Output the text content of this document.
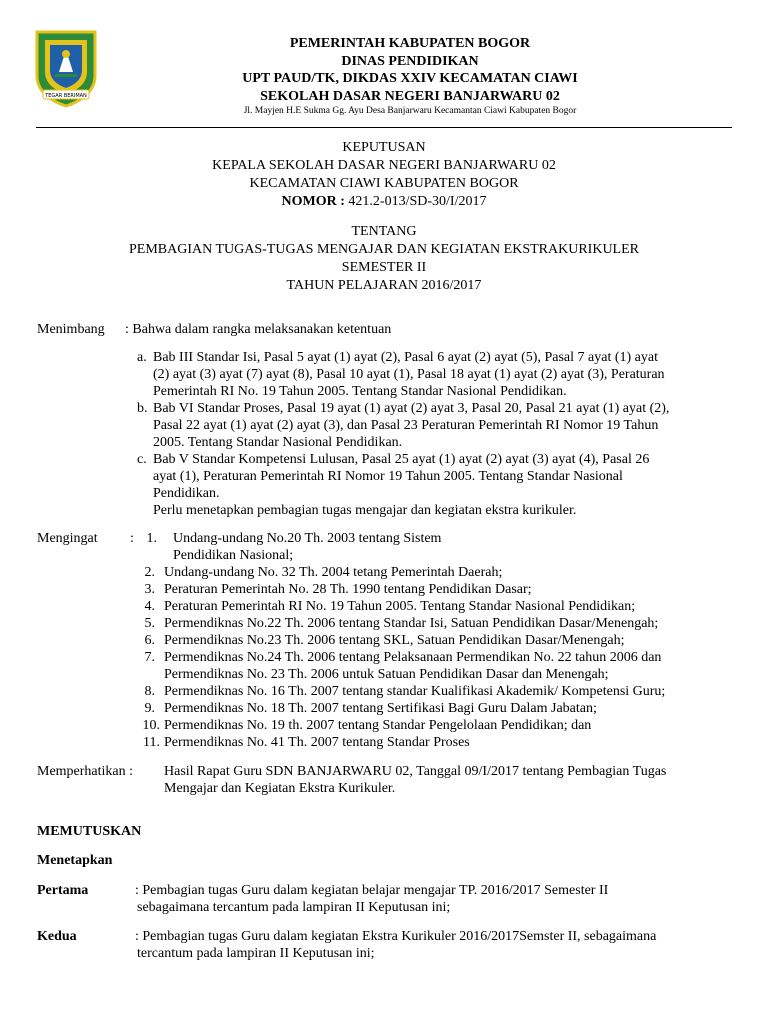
TEGAR BERIMAN
PEMERINTAH KABUPATEN BOGOR
DINAS PENDIDIKAN
UPT PAUD/TK, DIKDAS XXIV KECAMATAN CIAWI
SEKOLAH DASAR NEGERI BANJARWARU 02
Jl. Mayjen H.E Sukma Gg. Ayu Desa Banjarwaru Kecamantan Ciawi Kabupaten Bogor
KEPUTUSAN
KEPALA SEKOLAH DASAR NEGERI BANJARWARU 02
KECAMATAN CIAWI KABUPATEN BOGOR
NOMOR : 421.2-013/SD-30/I/2017
TENTANG
PEMBAGIAN TUGAS-TUGAS MENGAJAR DAN KEGIATAN EKSTRAKURIKULER
SEMESTER II
TAHUN PELAJARAN 2016/2017
Menimbang : Bahwa dalam rangka melaksanakan ketentuan
a. Bab III Standar Isi, Pasal 5 ayat (1) ayat (2), Pasal 6 ayat (2) ayat (5), Pasal 7 ayat (1) ayat
(2) ayat (3) ayat (7) ayat (8), Pasal 10 ayat (1), Pasal 18 ayat (1) ayat (2) ayat (3), Peraturan
Pemerintah RI No. 19 Tahun 2005. Tentang Standar Nasional Pendidikan.
b. Bab VI Standar Proses, Pasal 19 ayat (1) ayat (2) ayat 3, Pasal 20, Pasal 21 ayat (1) ayat (2),
Pasal 22 ayat (1) ayat (2) ayat (3), dan Pasal 23 Peraturan Pemerintah RI Nomor 19 Tahun
2005. Tentang Standar Nasional Pendidikan.
c. Bab V Standar Kompetensi Lulusan, Pasal 25 ayat (1) ayat (2) ayat (3) ayat (4), Pasal 26
ayat (1), Peraturan Pemerintah RI Nomor 19 Tahun 2005. Tentang Standar Nasional
Pendidikan.
Perlu menetapkan pembagian tugas mengajar dan kegiatan ekstra kurikuler.
Mengingat : 1. Undang-undang No.20 Th. 2003 tentang Sistem
Pendidikan Nasional;
2. Undang-undang No. 32 Th. 2004 tetang Pemerintah Daerah;
3. Peraturan Pemerintah No. 28 Th. 1990 tentang Pendidikan Dasar;
4. Peraturan Pemerintah RI No. 19 Tahun 2005. Tentang Standar Nasional Pendidikan;
5. Permendiknas No.22 Th. 2006 tentang Standar Isi, Satuan Pendidikan Dasar/Menengah;
6. Permendiknas No.23 Th. 2006 tentang SKL, Satuan Pendidikan Dasar/Menengah;
7. Permendiknas No.24 Th. 2006 tentang Pelaksanaan Permendikan No. 22 tahun 2006 dan
Permendiknas No. 23 Th. 2006 untuk Satuan Pendidikan Dasar dan Menengah;
8. Permendiknas No. 16 Th. 2007 tentang standar Kualifikasi Akademik/ Kompetensi Guru;
9. Permendiknas No. 18 Th. 2007 tentang Sertifikasi Bagi Guru Dalam Jabatan;
10. Permendiknas No. 19 th. 2007 tentang Standar Pengelolaan Pendidikan; dan
11. Permendiknas No. 41 Th. 2007 tentang Standar Proses
Memperhatikan : Hasil Rapat Guru SDN BANJARWARU 02, Tanggal 09/I/2017 tentang Pembagian Tugas
Mengajar dan Kegiatan Ekstra Kurikuler.
MEMUTUSKAN
Menetapkan
Pertama	: Pembagian tugas Guru dalam kegiatan belajar mengajar TP. 2016/2017 Semester II
sebagaimana tercantum pada lampiran II Keputusan ini;
Kedua	: Pembagian tugas Guru dalam kegiatan Ekstra Kurikuler 2016/2017Semster II, sebagaimana
tercantum pada lampiran II Keputusan ini;
